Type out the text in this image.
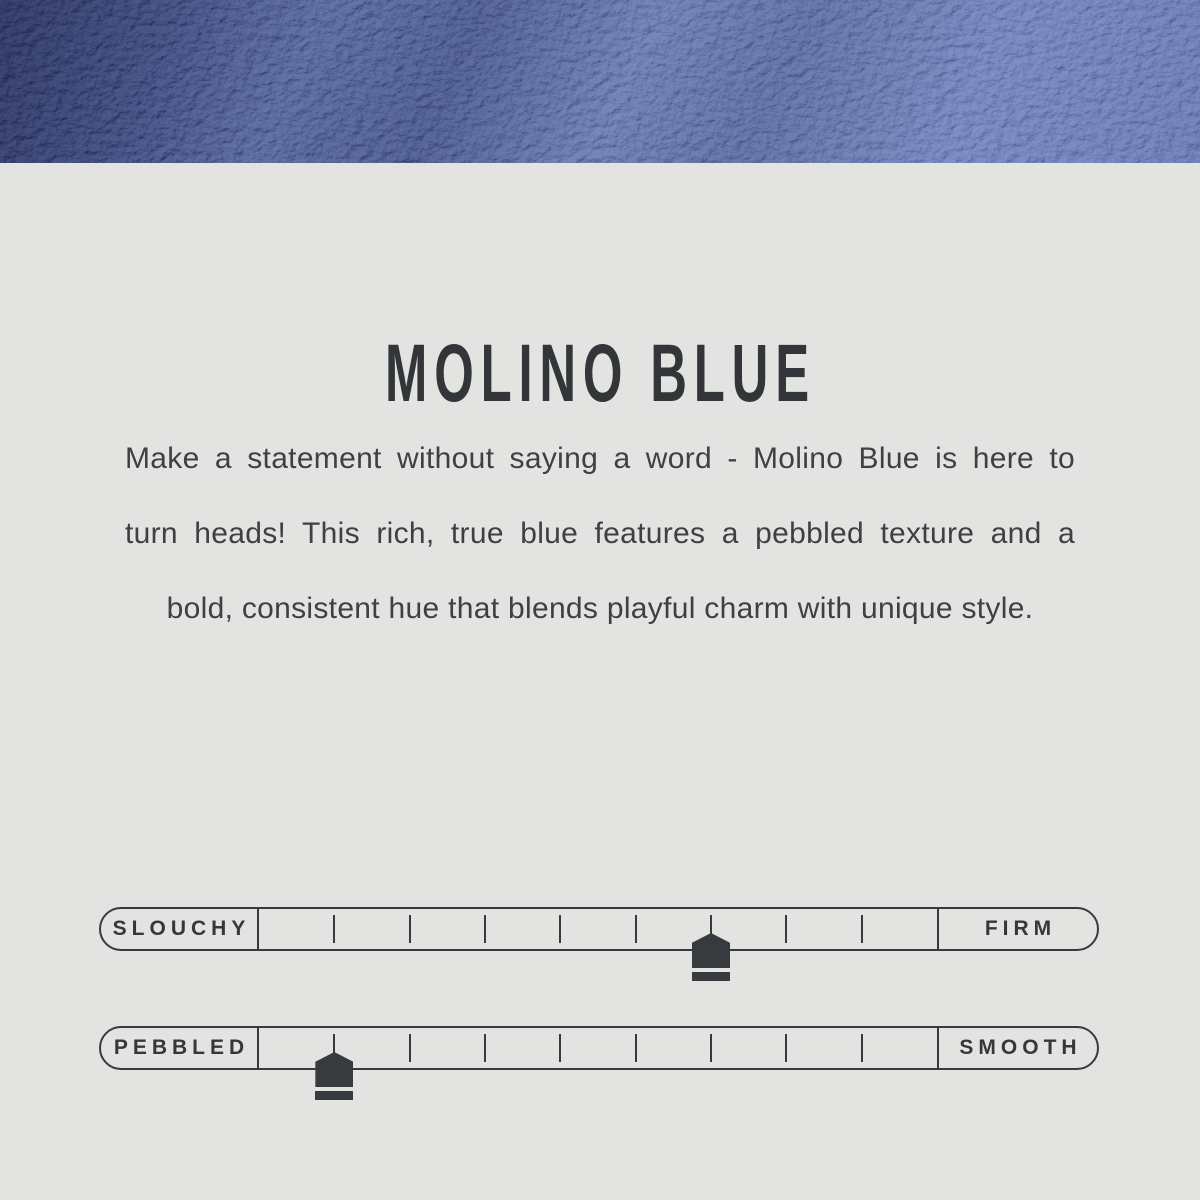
MOLINO BLUE
Make a statement without saying a word - Molino Blue is here to
turn heads! This rich, true blue features a pebbled texture and a
bold, consistent hue that blends playful charm with unique style.
SLOUCHY	FIRM
PEBBLED	SMOOTH
